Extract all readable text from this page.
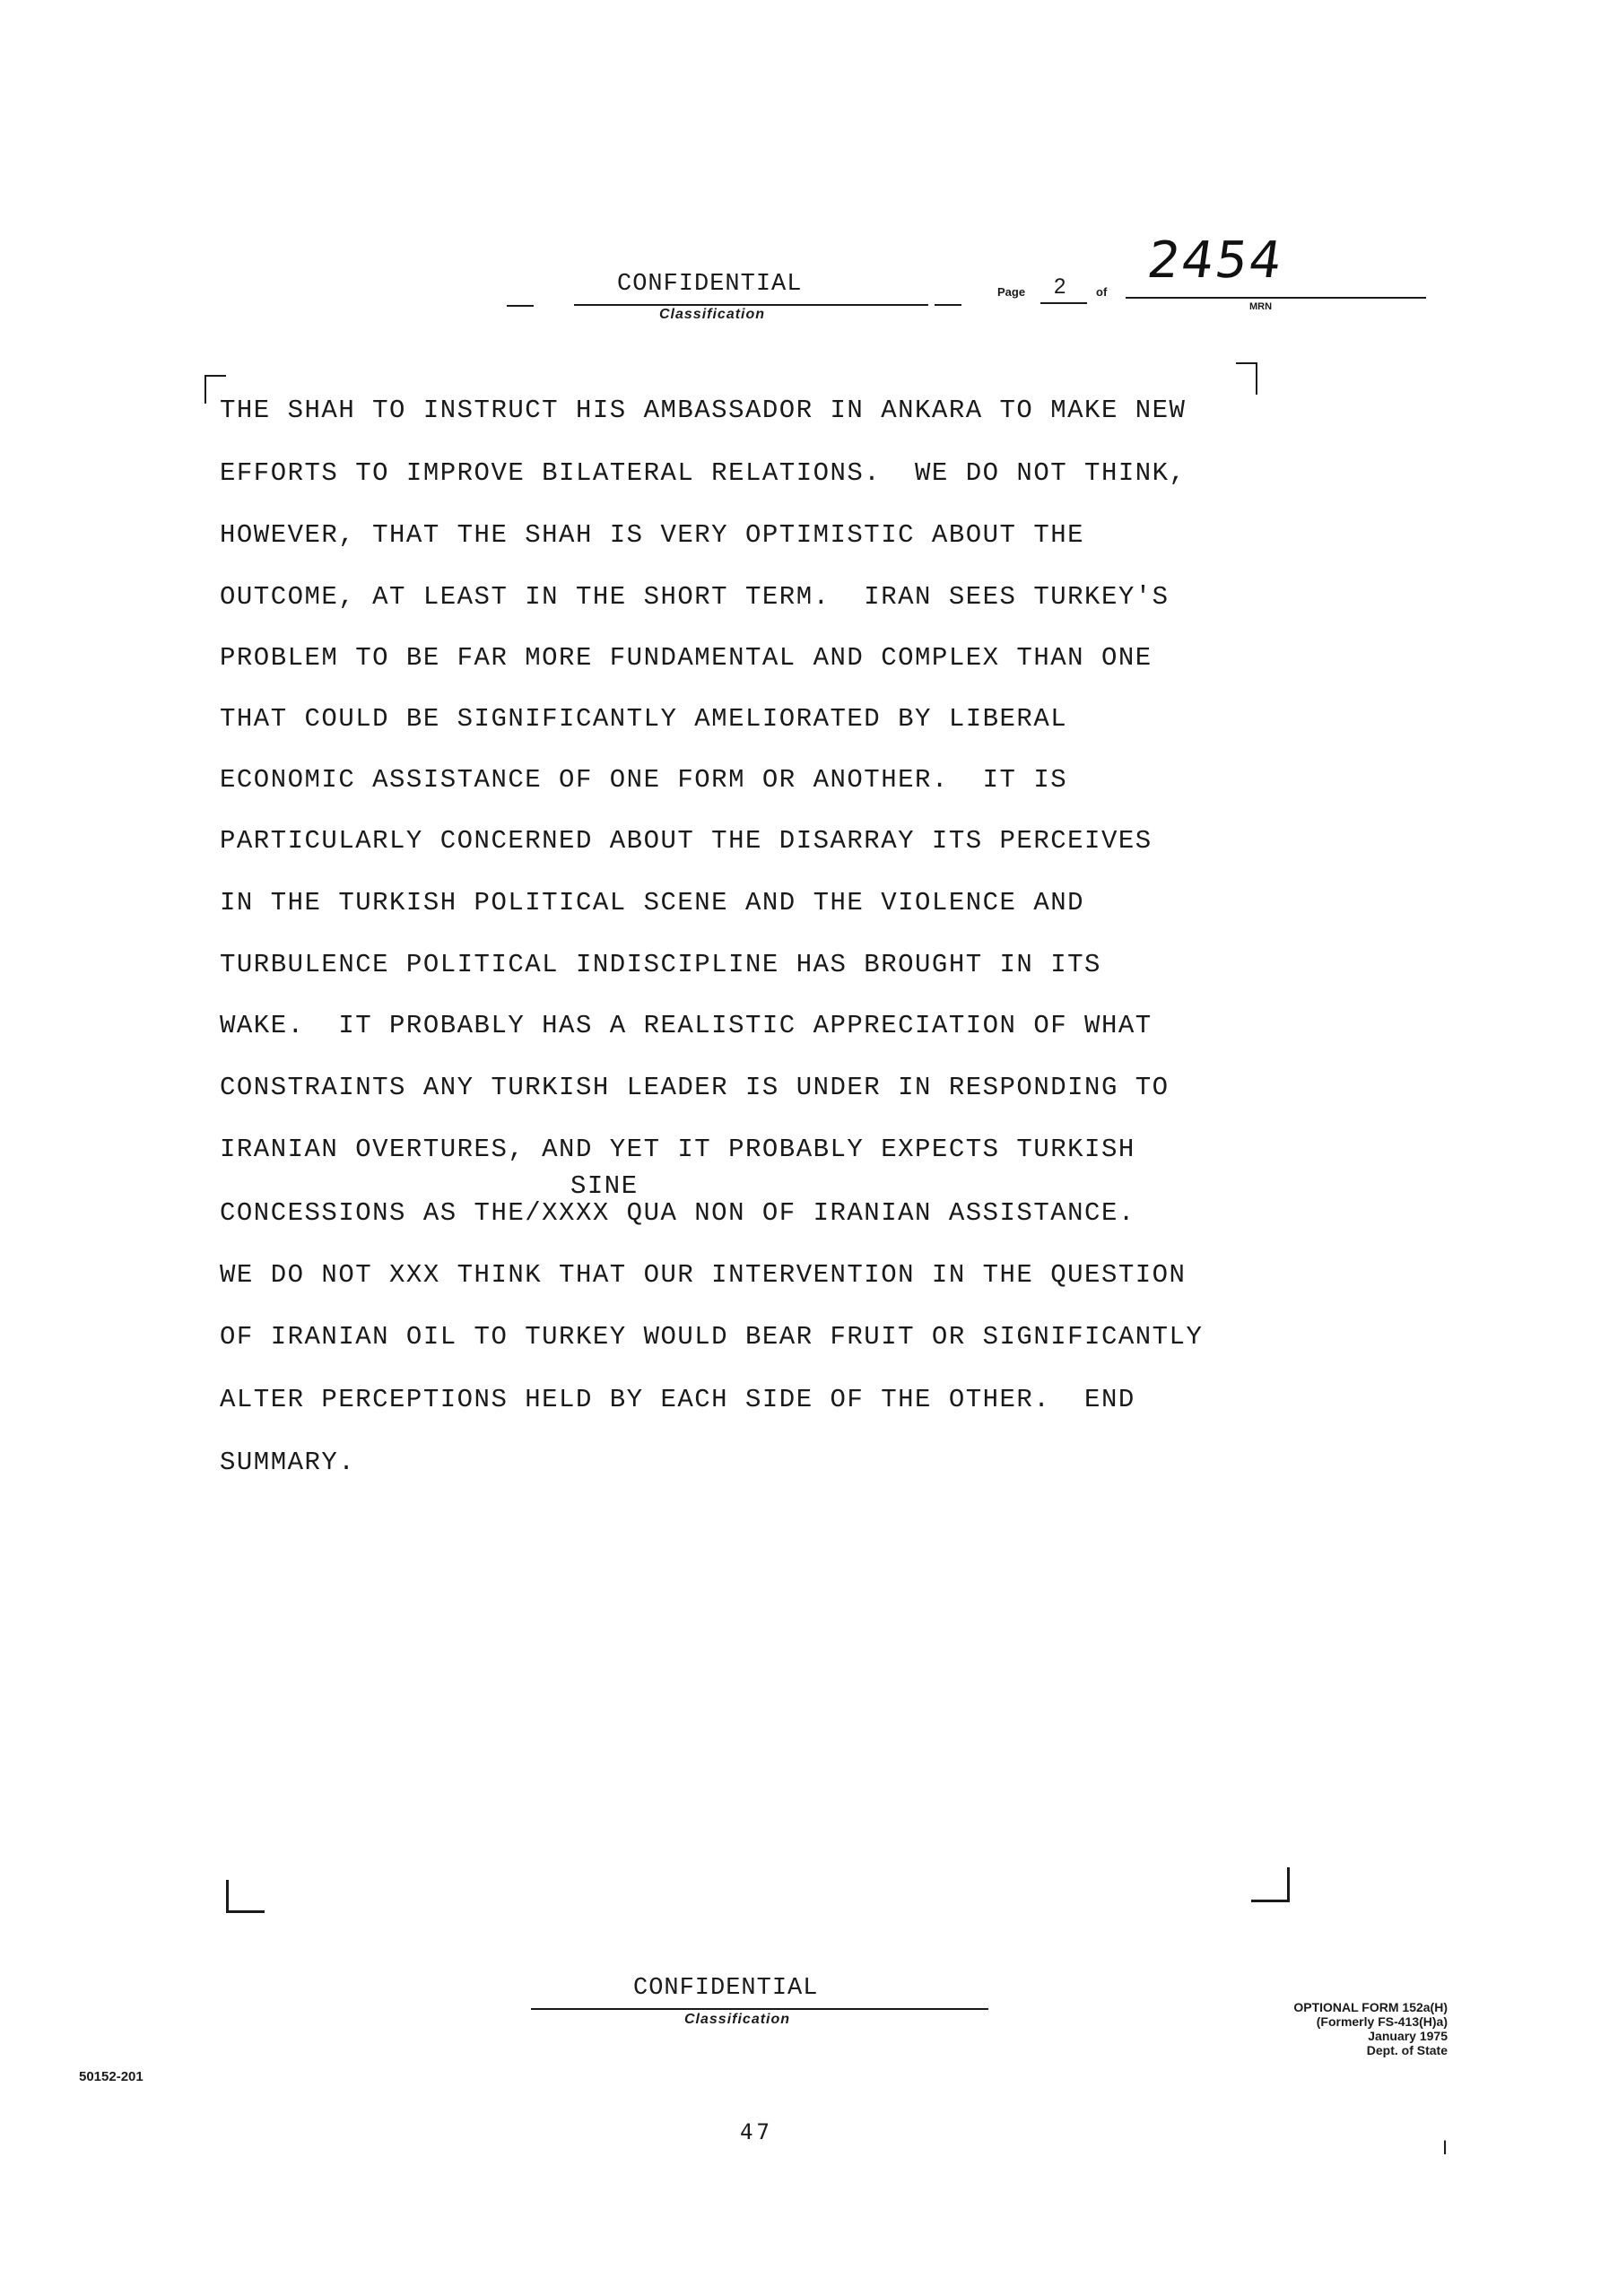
CONFIDENTIAL
Classification
Page 2	of
2454
MRN
THE SHAH TO INSTRUCT HIS AMBASSADOR IN ANKARA TO MAKE NEW
EFFORTS TO IMPROVE BILATERAL RELATIONS.  WE DO NOT THINK,
HOWEVER, THAT THE SHAH IS VERY OPTIMISTIC ABOUT THE
OUTCOME, AT LEAST IN THE SHORT TERM.  IRAN SEES TURKEY'S
PROBLEM TO BE FAR MORE FUNDAMENTAL AND COMPLEX THAN ONE
THAT COULD BE SIGNIFICANTLY AMELIORATED BY LIBERAL
ECONOMIC ASSISTANCE OF ONE FORM OR ANOTHER.  IT IS
PARTICULARLY CONCERNED ABOUT THE DISARRAY ITS PERCEIVES
IN THE TURKISH POLITICAL SCENE AND THE VIOLENCE AND
TURBULENCE POLITICAL INDISCIPLINE HAS BROUGHT IN ITS
WAKE.  IT PROBABLY HAS A REALISTIC APPRECIATION OF WHAT
CONSTRAINTS ANY TURKISH LEADER IS UNDER IN RESPONDING TO
IRANIAN OVERTURES, AND YET IT PROBABLY EXPECTS TURKISH
SINE
CONCESSIONS AS THE/XXXX QUA NON OF IRANIAN ASSISTANCE.
WE DO NOT XXX THINK THAT OUR INTERVENTION IN THE QUESTION
OF IRANIAN OIL TO TURKEY WOULD BEAR FRUIT OR SIGNIFICANTLY
ALTER PERCEPTIONS HELD BY EACH SIDE OF THE OTHER.  END
SUMMARY.
CONFIDENTIAL
Classification
OPTIONAL FORM 152a(H)
(Formerly FS-413(H)a)
January 1975
Dept. of State
50152-201
47
I
